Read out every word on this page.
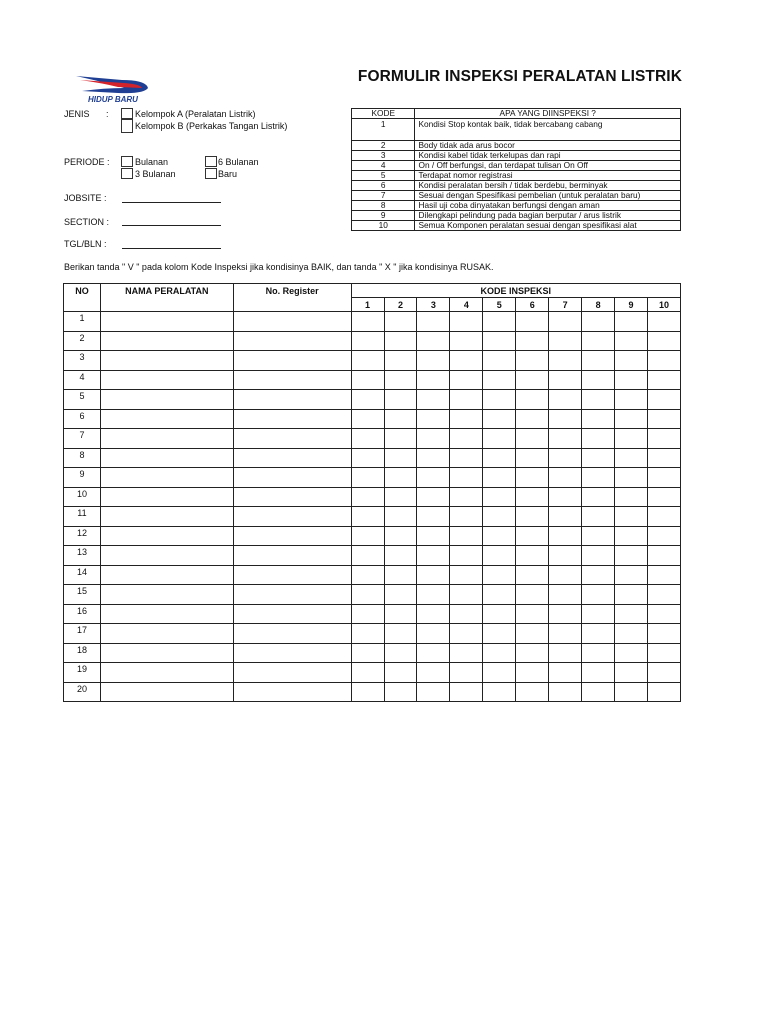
HIDUP BARU
FORMULIR INSPEKSI PERALATAN LISTRIK
JENIS :	Kelompok A (Peralatan Listrik)
Kelompok B (Perkakas Tangan Listrik)
PERIODE :	Bulanan
3 Bulanan
6 Bulanan
Baru
JOBSITE :
SECTION :
TGL/BLN :
KODE	APA YANG DIINSPEKSI ?
1	Kondisi Stop kontak baik, tidak bercabang cabang
2	Body tidak ada arus bocor
3	Kondisi kabel tidak terkelupas dan rapi
4	On / Off berfungsi, dan terdapat tulisan On Off
5	Terdapat nomor registrasi
6	Kondisi peralatan bersih / tidak berdebu, berminyak
7	Sesuai dengan Spesifikasi pembelian (untuk peralatan baru)
8	Hasil uji coba dinyatakan berfungsi dengan aman
9	Dilengkapi pelindung pada bagian berputar / arus listrik
10	Semua Komponen peralatan sesuai dengan spesifikasi alat
Berikan tanda " V " pada kolom Kode Inspeksi jika kondisinya BAIK, dan tanda " X " jika kondisinya RUSAK.
NO	NAMA PERALATAN	No. Register	KODE INSPEKSI									
			1	2	3	4	5	6	7	8	9	10
1												
2												
3												
4												
5												
6												
7												
8												
9												
10												
11												
12												
13												
14												
15												
16												
17												
18												
19												
20												
